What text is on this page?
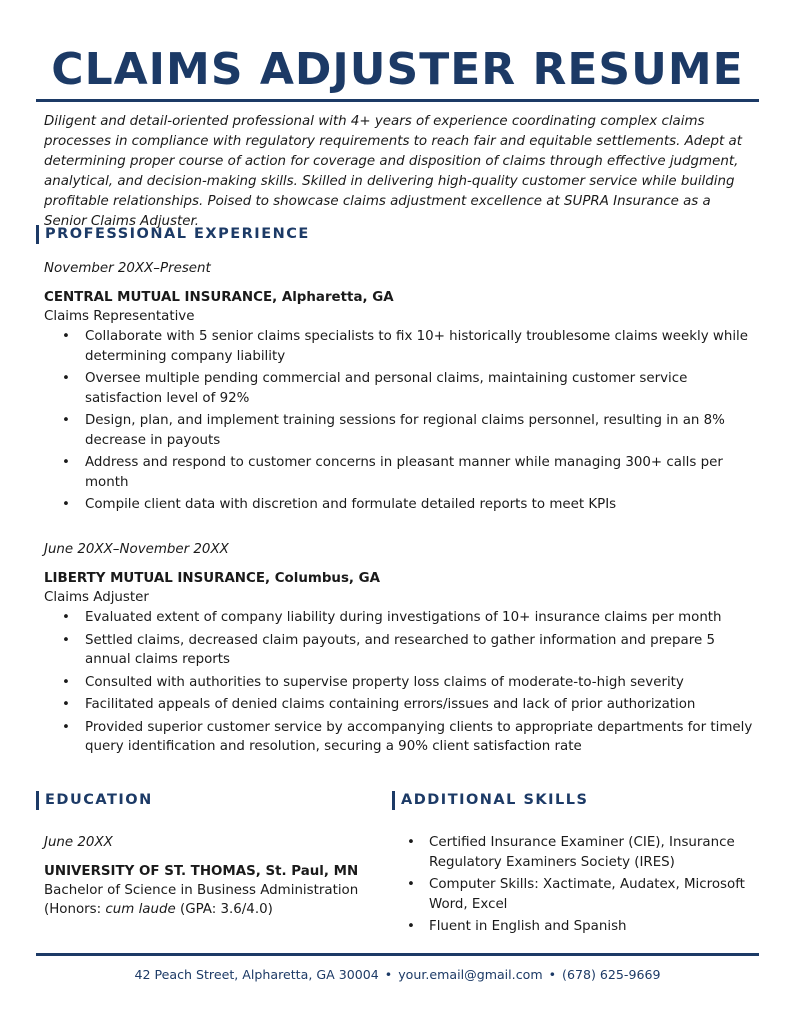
CLAIMS ADJUSTER RESUME

Diligent and detail-oriented professional with 4+ years of experience coordinating complex claims processes in compliance with regulatory requirements to reach fair and equitable settlements. Adept at determining proper course of action for coverage and disposition of claims through effective judgment, analytical, and decision-making skills. Skilled in delivering high-quality customer service while building profitable relationships. Poised to showcase claims adjustment excellence at SUPRA Insurance as a Senior Claims Adjuster.

PROFESSIONAL EXPERIENCE

November 20XX–Present

CENTRAL MUTUAL INSURANCE, Alpharetta, GA

Claims Representative

• Collaborate with 5 senior claims specialists to fix 10+ historically troublesome claims weekly while determining company liability
• Oversee multiple pending commercial and personal claims, maintaining customer service satisfaction level of 92%
• Design, plan, and implement training sessions for regional claims personnel, resulting in an 8% decrease in payouts
• Address and respond to customer concerns in pleasant manner while managing 300+ calls per month
• Compile client data with discretion and formulate detailed reports to meet KPIs

June 20XX–November 20XX

LIBERTY MUTUAL INSURANCE, Columbus, GA

Claims Adjuster

• Evaluated extent of company liability during investigations of 10+ insurance claims per month
• Settled claims, decreased claim payouts, and researched to gather information and prepare 5 annual claims reports
• Consulted with authorities to supervise property loss claims of moderate-to-high severity
• Facilitated appeals of denied claims containing errors/issues and lack of prior authorization
• Provided superior customer service by accompanying clients to appropriate departments for timely query identification and resolution, securing a 90% client satisfaction rate
EDUCATION

June 20XX

UNIVERSITY OF ST. THOMAS, St. Paul, MN

Bachelor of Science in Business Administration

(Honors: cum laude (GPA: 3.6/4.0)

ADDITIONAL SKILLS
• Certified Insurance Examiner (CIE), Insurance Regulatory Examiners Society (IRES)
• Computer Skills: Xactimate, Audatex, Microsoft Word, Excel
• Fluent in English and Spanish
42 Peach Street, Alpharetta, GA 30004 • your.email@gmail.com • (678) 625-9669
